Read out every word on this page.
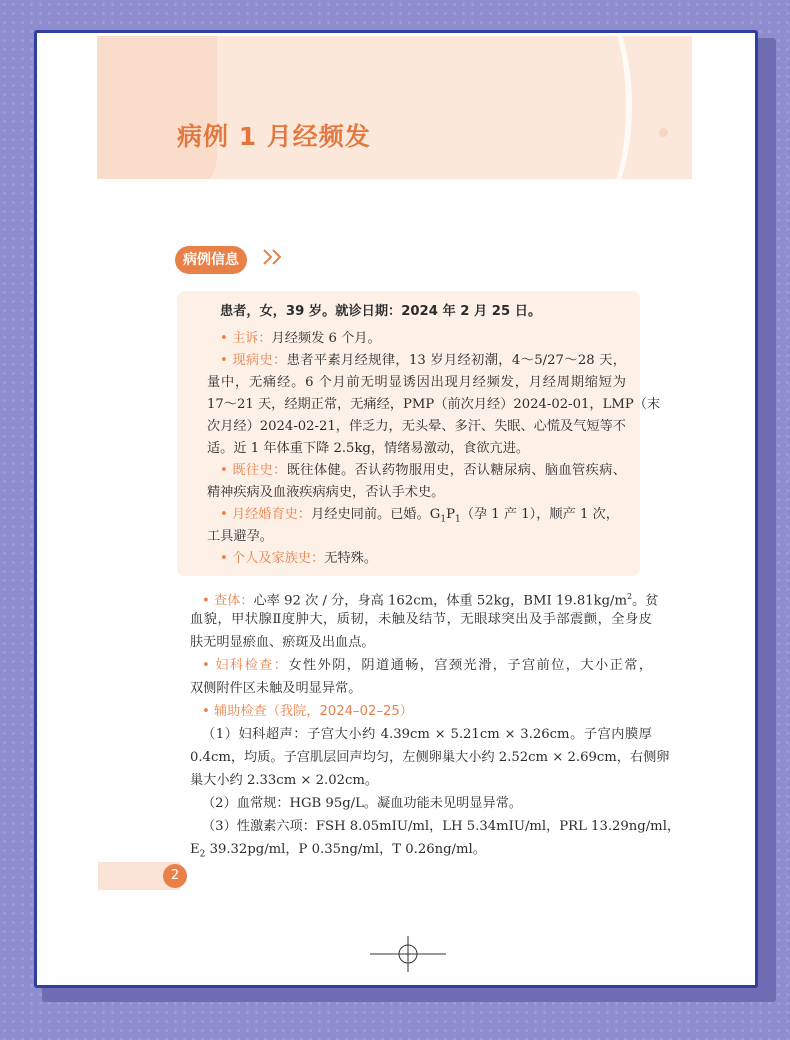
病例 1 月经频发
病例信息
患者，女，39 岁。就诊日期：2024 年 2 月 25 日。
• 主诉：月经频发 6 个月。
• 现病史：患者平素月经规律，13 岁月经初潮，4～5/27～28 天，
量中，无痛经。6 个月前无明显诱因出现月经频发，月经周期缩短为
17～21 天，经期正常，无痛经，PMP（前次月经）2024-02-01，LMP（末
次月经）2024-02-21，伴乏力，无头晕、多汗、失眠、心慌及气短等不
适。近 1 年体重下降 2.5kg，情绪易激动，食欲亢进。
• 既往史：既往体健。否认药物服用史，否认糖尿病、脑血管疾病、
精神疾病及血液疾病病史，否认手术史。
• 月经婚育史：月经史同前。已婚。$G_1P_1$（孕 1 产 1），顺产 1 次，
工具避孕。
• 个人及家族史：无特殊。
• 查体：心率 92 次 / 分，身高 162cm，体重 52kg，BMI $19.81kg/m^2$。贫
血貌，甲状腺Ⅱ度肿大，质韧，未触及结节，无眼球突出及手部震颤，全身皮
肤无明显瘀血、瘀斑及出血点。
• 妇科检查：女性外阴，阴道通畅，宫颈光滑，子宫前位，大小正常，
双侧附件区未触及明显异常。
• 辅助检查（我院，2024–02–25）
（1）妇科超声：子宫大小约 4.39cm × 5.21cm × 3.26cm。子宫内膜厚
0.4cm，均质。子宫肌层回声均匀，左侧卵巢大小约 2.52cm × 2.69cm，右侧卵
巢大小约 2.33cm × 2.02cm。
（2）血常规：HGB 95g/L。凝血功能未见明显异常。
（3）性激素六项：FSH 8.05mIU/ml，LH 5.34mIU/ml，PRL 13.29ng/ml，
$E_2$ 39.32pg/ml，P 0.35ng/ml，T 0.26ng/ml。
2
